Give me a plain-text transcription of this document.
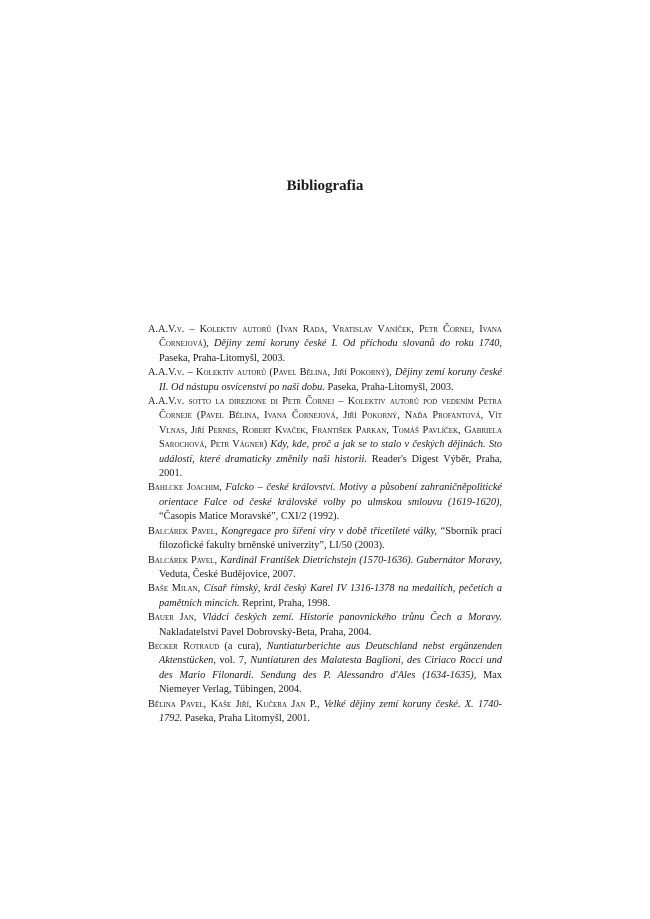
Bibliografia
A.A.V.v. – Kolektiv autorů (Ivan Rada, Vratislav Vaníček, Petr Čornej, Ivana Čornejová), Dějiny zemí koruny české I. Od příchodu slovanů do roku 1740, Paseka, Praha-Litomyšl, 2003.
A.A.V.v. – Kolektiv autorů (Pavel Bělina, Jiří Pokorný), Dějiny zemí koruny české II. Od nástupu osvícenství po naši dobu. Paseka, Praha-Litomyšl, 2003.
A.A.V.v. sotto la direzione di Petr Čornej – Kolektiv autorů pod vedením Petra Čorneje (Pavel Bělina, Ivana Čornejová, Jiří Pokorný, Naďa Profantová, Vít Vlnas, Jiří Pernes, Robert Kvaček, František Parkan, Tomáš Pavlíček, Gabriela Sarochová, Petr Vágner) Kdy, kde, proč a jak se to stalo v českých dějinách. Sto událostí, které dramaticky změnily naši historii. Reader's Digest Výběr, Praha, 2001.
Bahlcke Joachim, Falcko – české království. Motivy a působení zahraničněpolitické orientace Falce od české královské volby po ulmskou smlouvu (1619-1620), “Časopis Matice Moravské”, CXI/2 (1992).
Balcárek Pavel, Kongregace pro šíření víry v době třicetileté války, “Sborník prací filozofické fakulty brněnské univerzity”, LI/50 (2003).
Balcárek Pavel, Kardinál František Dietrichstejn (1570-1636). Gubernátor Moravy, Veduta, České Budějovice, 2007.
Baše Milan, Císař římský, král český Karel IV 1316-1378 na medailích, pečetích a pamětních mincích. Reprint, Praha, 1998.
Bauer Jan, Vládci českých zemí. Historie panovnického trůnu Čech a Moravy. Nakladatelství Pavel Dobrovský-Beta, Praha, 2004.
Becker Rotraud (a cura), Nuntiaturberichte aus Deutschland nebst ergänzenden Aktenstücken, vol. 7, Nuntiaturen des Malatesta Baglioni, des Ciriaco Rocci und des Mario Filonardi. Sendung des P. Alessandro d'Ales (1634-1635), Max Niemeyer Verlag, Tübingen, 2004.
Bělina Pavel, Kaše Jiří, Kučera Jan P., Velké dějiny zemí koruny české. X. 1740-1792. Paseka, Praha Litomyšl, 2001.
